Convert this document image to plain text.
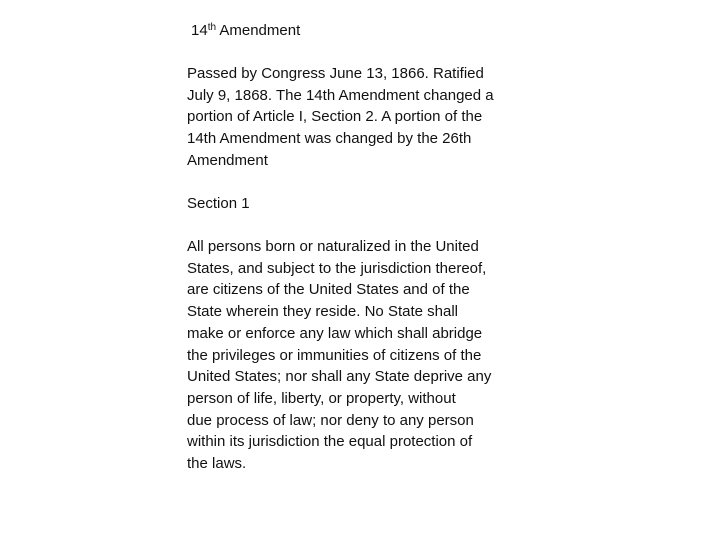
14th Amendment
Passed by Congress June 13, 1866. Ratified
July 9, 1868. The 14th Amendment changed a
portion of Article I, Section 2. A portion of the
14th Amendment was changed by the 26th
Amendment
Section 1
All persons born or naturalized in the United
States, and subject to the jurisdiction thereof,
are citizens of the United States and of the
State wherein they reside. No State shall
make or enforce any law which shall abridge
the privileges or immunities of citizens of the
United States; nor shall any State deprive any
person of life, liberty, or property, without
due process of law; nor deny to any person
within its jurisdiction the equal protection of
the laws.
